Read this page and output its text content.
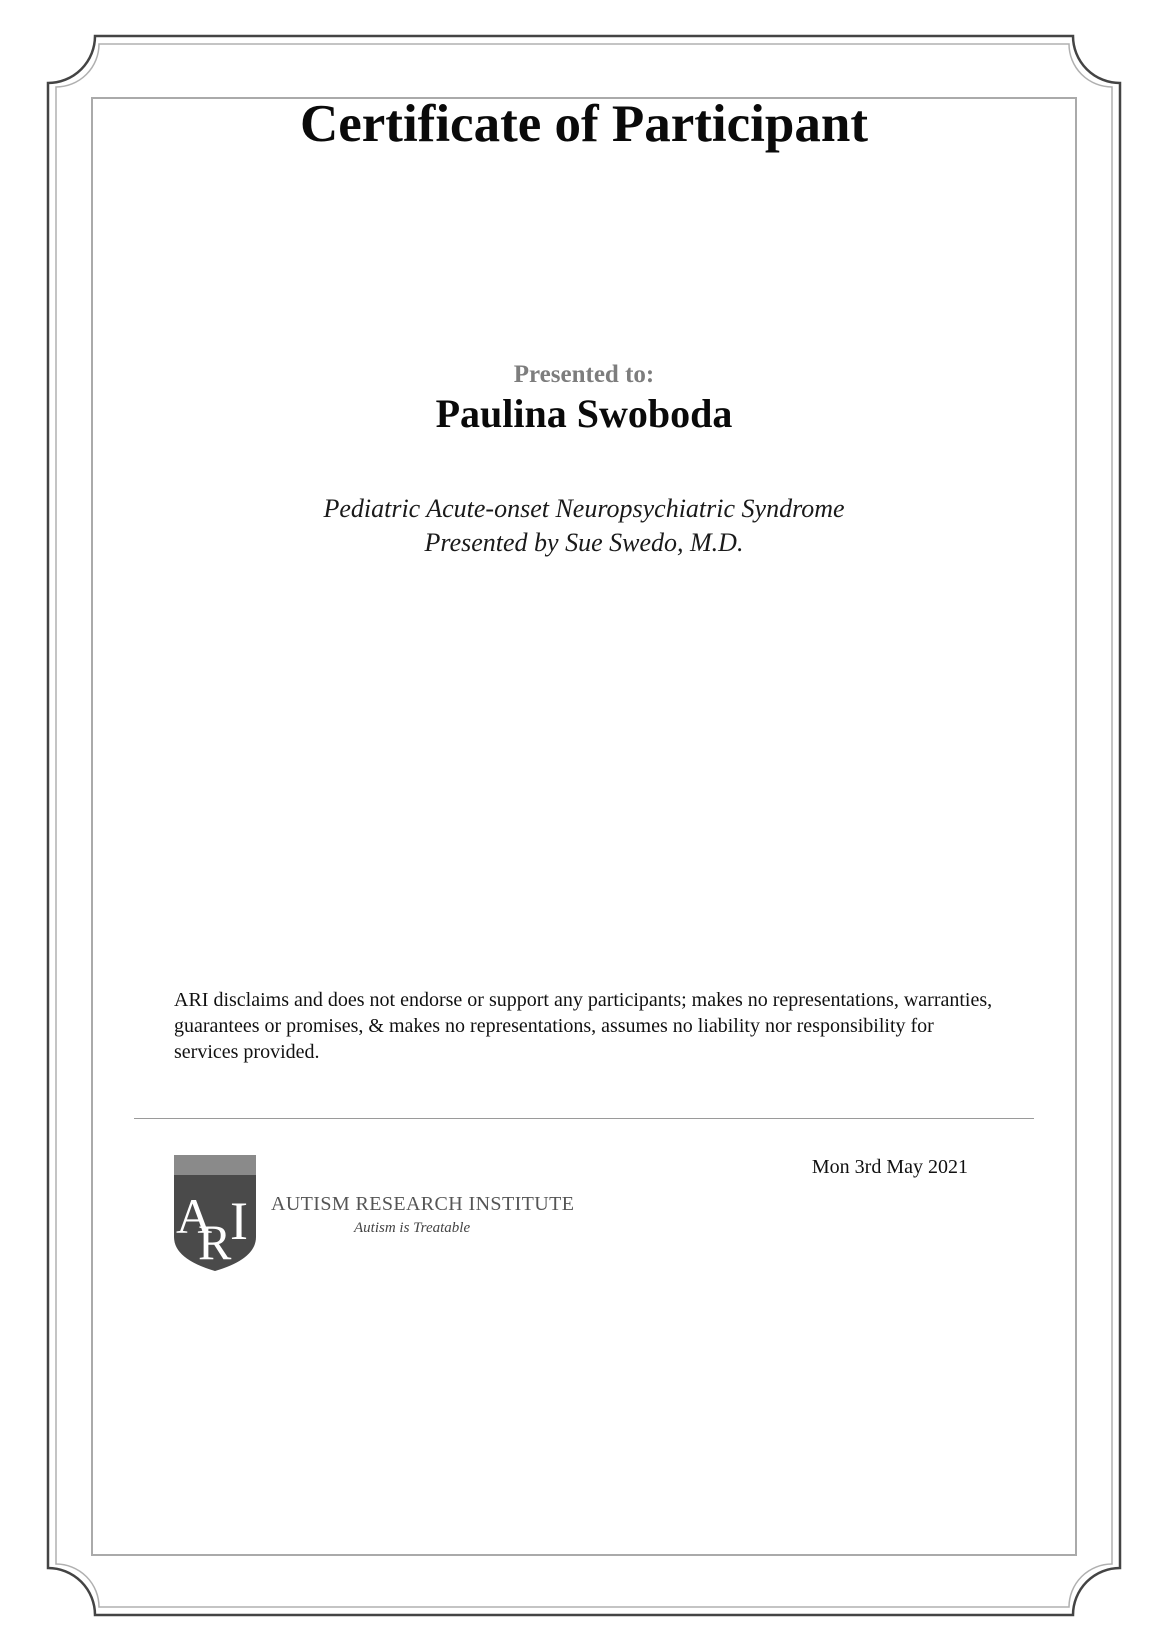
Certificate of Participant
Presented to:
Paulina Swoboda
Pediatric Acute-onset Neuropsychiatric Syndrome
Presented by Sue Swedo, M.D.
ARI disclaims and does not endorse or support any participants; makes no representations, warranties, guarantees or promises, & makes no representations, assumes no liability nor responsibility for services provided.
A
R
I AUTISM RESEARCH INSTITUTE
Autism is Treatable
Mon 3rd May 2021
